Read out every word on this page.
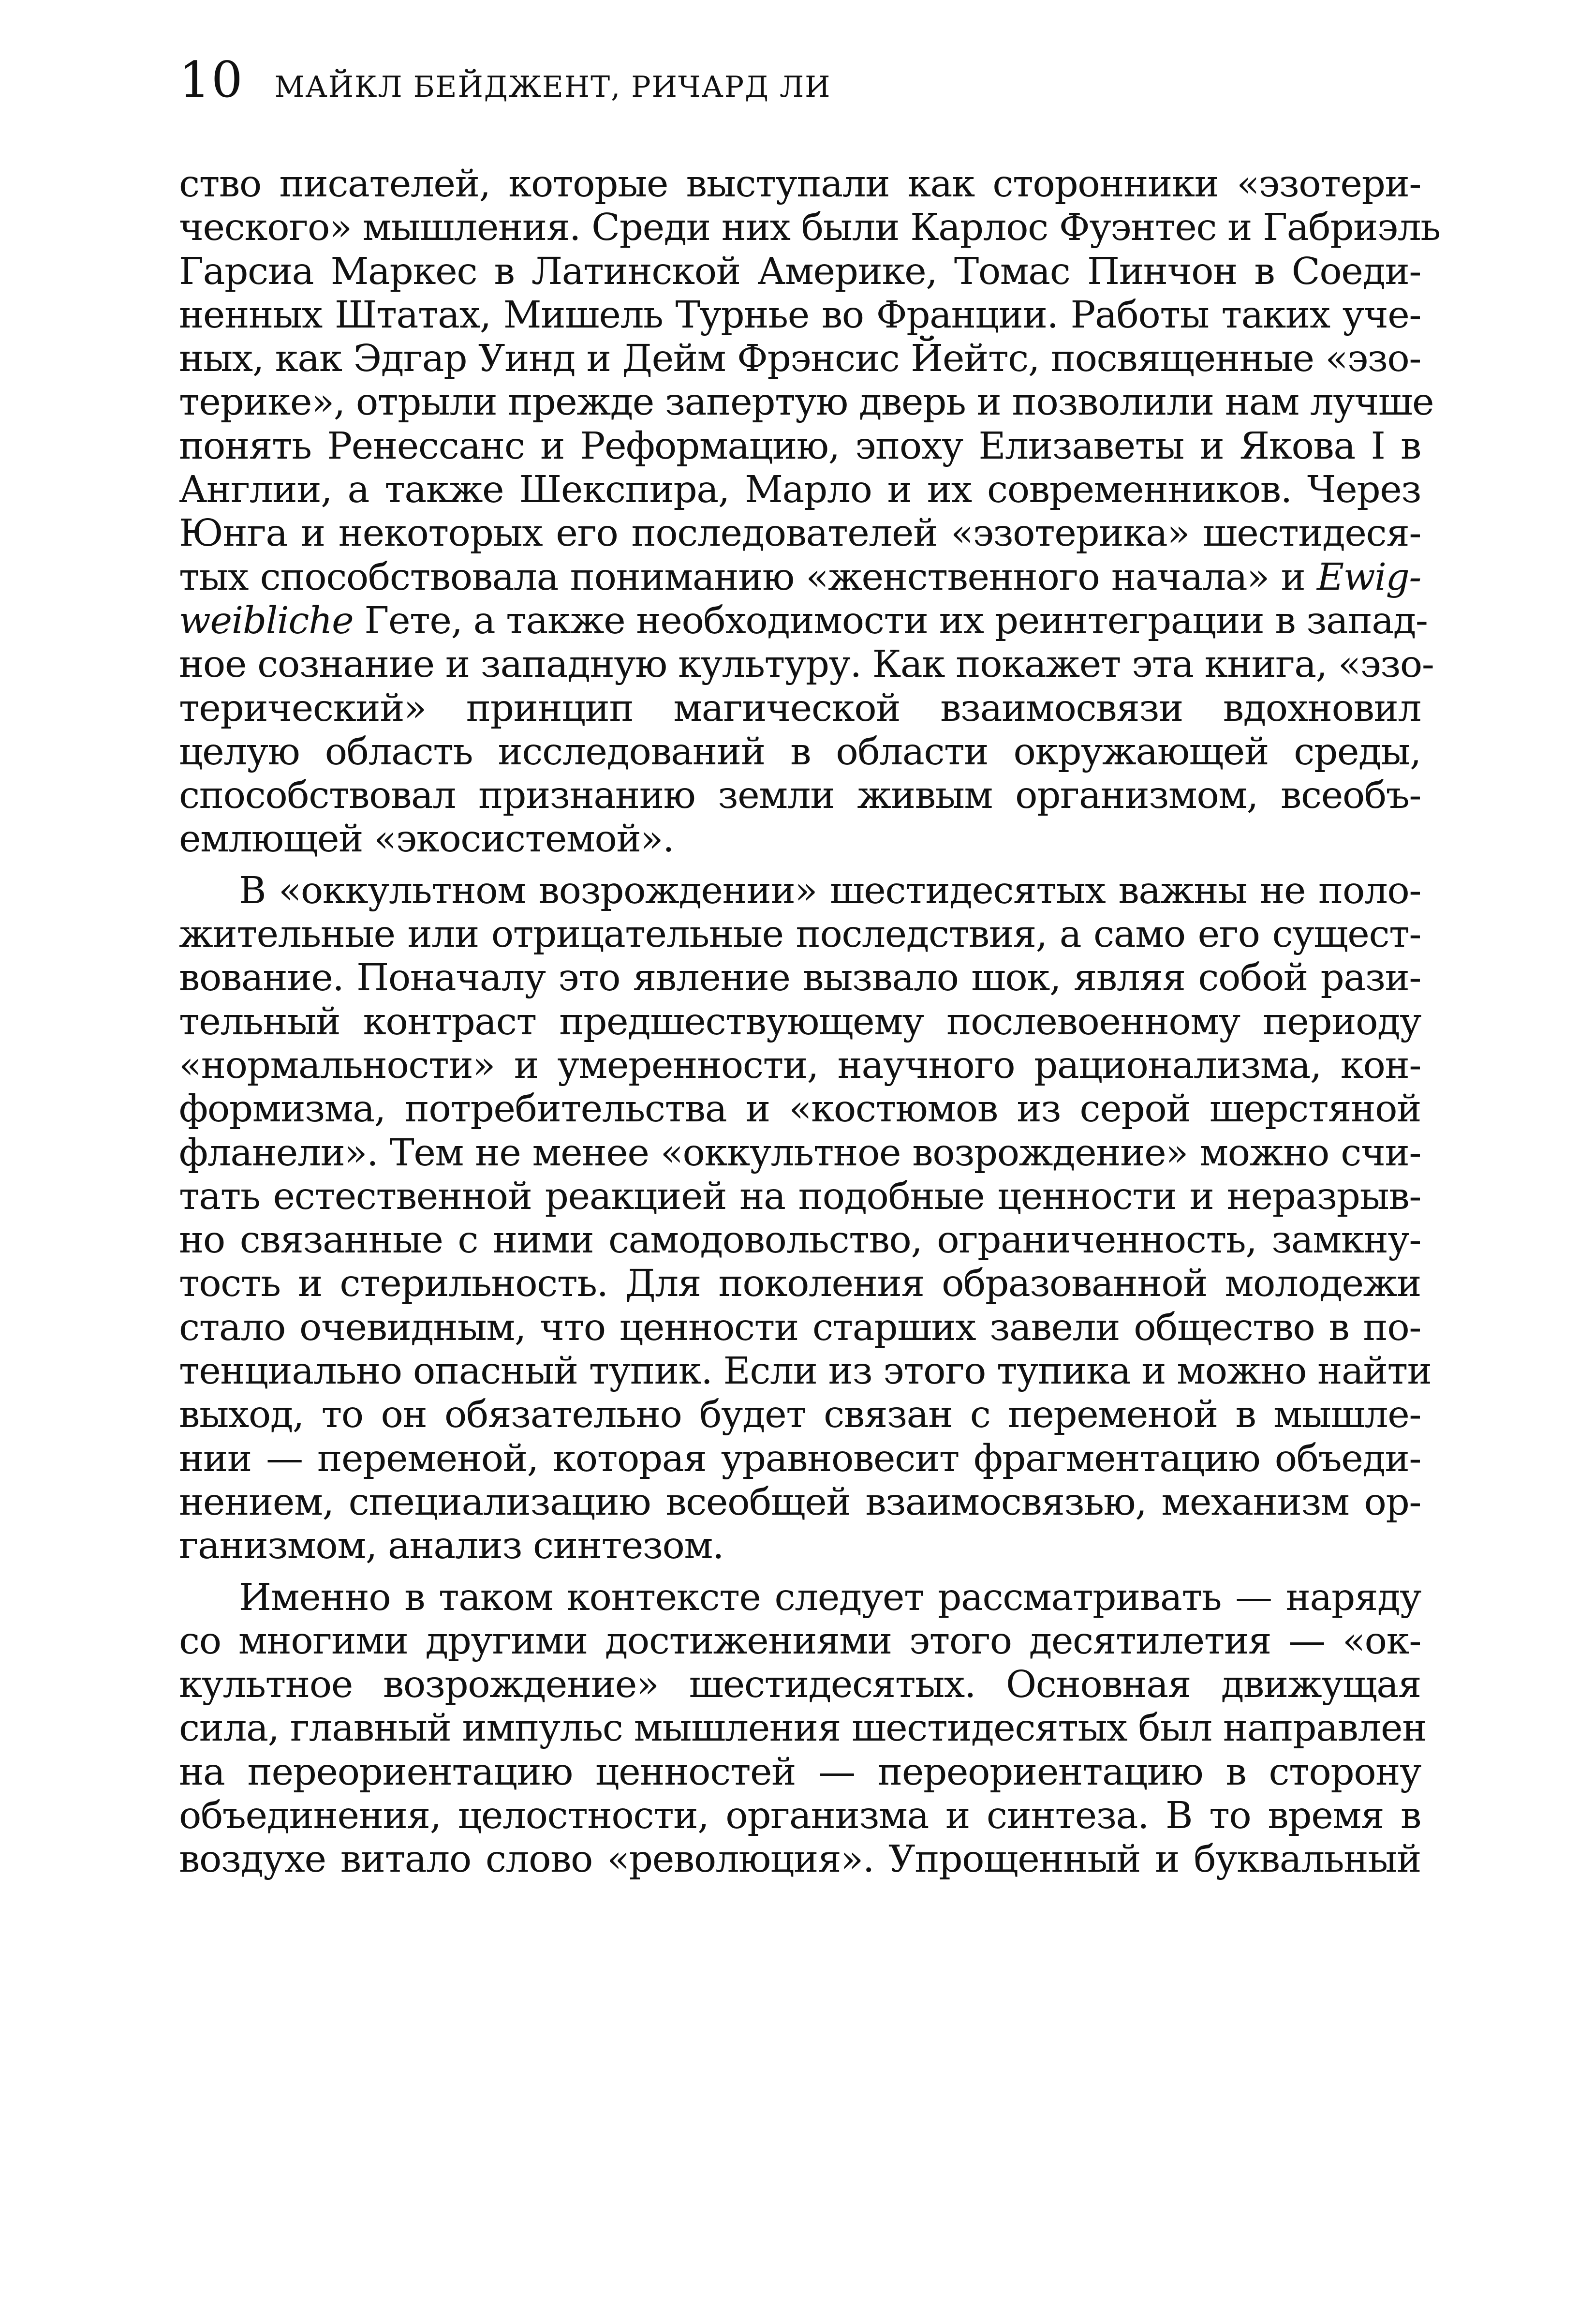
10 МАЙКЛ БЕЙДЖЕНТ, РИЧАРД ЛИ
ство писателей, которые выступали как сторонники «эзотери-
ческого» мышления. Среди них были Карлос Фуэнтес и Габриэль
Гарсиа Маркес в Латинской Америке, Томас Пинчон в Соеди-
ненных Штатах, Мишель Турнье во Франции. Работы таких уче-
ных, как Эдгар Уинд и Дейм Фрэнсис Йейтс, посвященные «эзо-
терике», отрыли прежде запертую дверь и позволили нам лучше
понять Ренессанс и Реформацию, эпоху Елизаветы и Якова I в
Англии, а также Шекспира, Марло и их современников. Через
Юнга и некоторых его последователей «эзотерика» шестидеся-
тых способствовала пониманию «женственного начала» и Ewig-
weibliche Гете, а также необходимости их реинтеграции в запад-
ное сознание и западную культуру. Как покажет эта книга, «эзо-
терический» принцип магической взаимосвязи вдохновил
целую область исследований в области окружающей среды,
способствовал признанию земли живым организмом, всеобъ-
емлющей «экосистемой».
В «оккультном возрождении» шестидесятых важны не поло-
жительные или отрицательные последствия, а само его сущест-
вование. Поначалу это явление вызвало шок, являя собой рази-
тельный контраст предшествующему послевоенному периоду
«нормальности» и умеренности, научного рационализма, кон-
формизма, потребительства и «костюмов из серой шерстяной
фланели». Тем не менее «оккультное возрождение» можно счи-
тать естественной реакцией на подобные ценности и неразрыв-
но связанные с ними самодовольство, ограниченность, замкну-
тость и стерильность. Для поколения образованной молодежи
стало очевидным, что ценности старших завели общество в по-
тенциально опасный тупик. Если из этого тупика и можно найти
выход, то он обязательно будет связан с переменой в мышле-
нии — переменой, которая уравновесит фрагментацию объеди-
нением, специализацию всеобщей взаимосвязью, механизм ор-
ганизмом, анализ синтезом.
Именно в таком контексте следует рассматривать — наряду
со многими другими достижениями этого десятилетия — «ок-
культное возрождение» шестидесятых. Основная движущая
сила, главный импульс мышления шестидесятых был направлен
на переориентацию ценностей — переориентацию в сторону
объединения, целостности, организма и синтеза. В то время в
воздухе витало слово «революция». Упрощенный и буквальный
